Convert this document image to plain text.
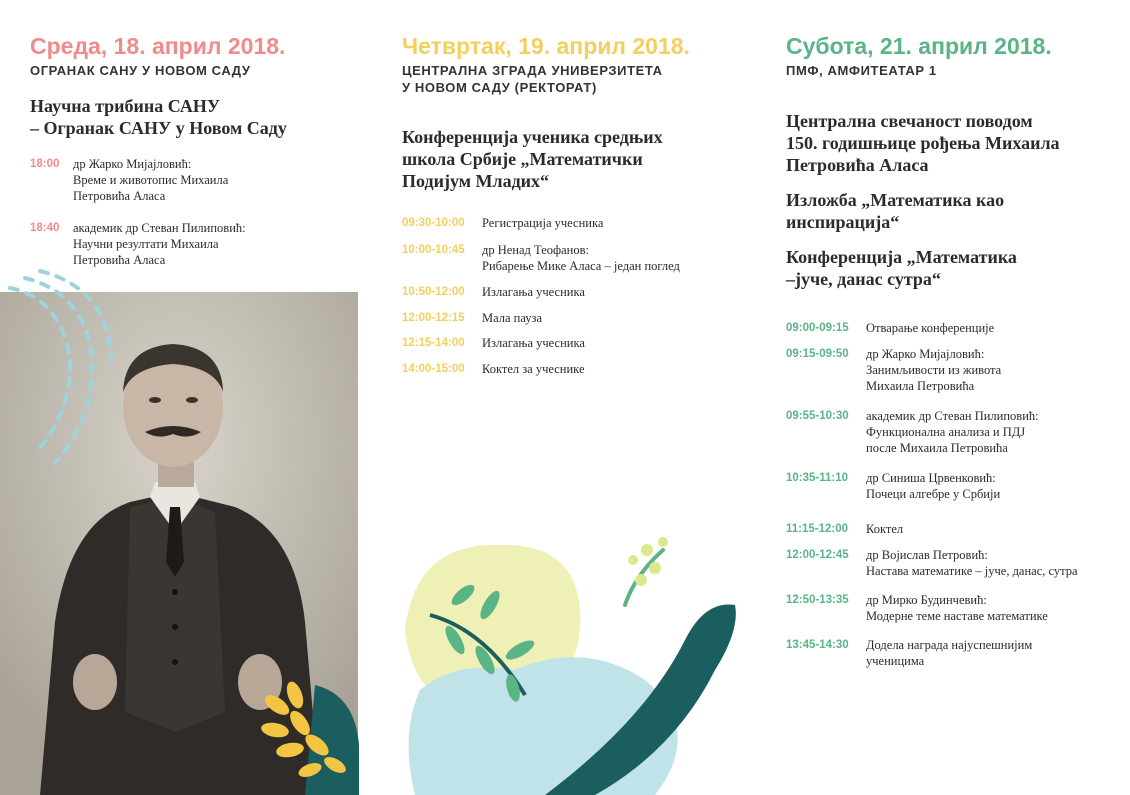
Среда, 18. април 2018.
ОГРАНАК САНУ У НОВОМ САДУ
Научна трибина САНУ
– Огранак САНУ у Новом Саду
18:00	др Жарко Мијајловић:
Време и животопис Михаила
Петровића Аласа
18:40	академик др Стеван Пилиповић:
Научни резултати Михаила
Петровића Аласа
Четвртак, 19. април 2018.
ЦЕНТРАЛНА ЗГРАДА УНИВЕРЗИТЕТА
У НОВОМ САДУ (РЕКТОРАТ)
Конференција ученика средњих
школа Србије „Математички
Подијум Младих“
09:30-10:00	Регистрација учесника
10:00-10:45	др Ненад Теофанов:
Рибарење Мике Аласа – један поглед
10:50-12:00	Излагања учесника
12:00-12:15	Мала пауза
12:15-14:00	Излагања учесника
14:00-15:00	Коктел за учеснике
Субота, 21. април 2018.
ПМФ, АМФИТЕАТАР 1
Централна свечаност поводом
150. годишњице рођења Михаила
Петровића Аласа
Изложба „Математика као
инспирација“
Конференција „Математика
–јуче, данас сутра“
09:00-09:15	Отварање конференције
09:15-09:50	др Жарко Мијајловић:
Занимљивости из живота
Михаила Петровића
09:55-10:30	академик др Стеван Пилиповић:
Функционална анализа и ПДЈ
после Михаила Петровића
10:35-11:10	др Синиша Црвенковић:
Почеци алгебре у Србији
11:15-12:00	Коктел
12:00-12:45	др Војислав Петровић:
Настава математике – јуче, данас, сутра
12:50-13:35	др Мирко Будинчевић:
Модерне теме наставе математике
13:45-14:30	Додела награда најуспешнијим
ученицима
